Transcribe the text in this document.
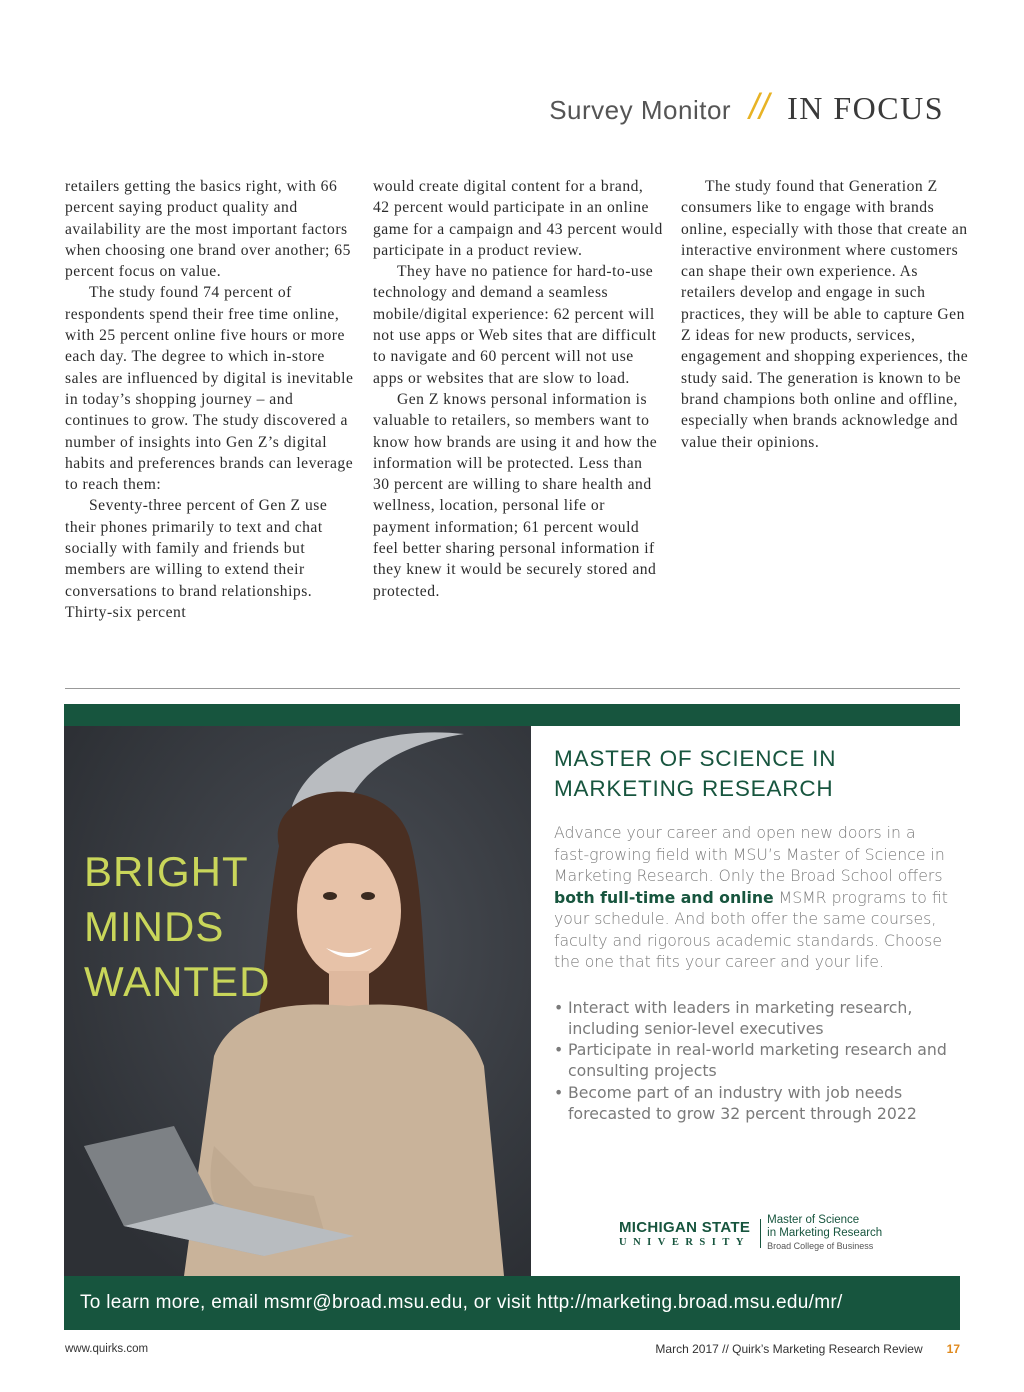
Survey Monitor // IN FOCUS

retailers getting the basics right, with 66 percent saying product quality and availability are the most important factors when choosing one brand over another; 65 percent focus on value.

The study found 74 percent of respondents spend their free time online, with 25 percent online five hours or more each day. The degree to which in-store sales are influenced by digital is inevitable in today’s shopping journey – and continues to grow. The study discovered a number of insights into Gen Z’s digital habits and preferences brands can leverage to reach them:

Seventy-three percent of Gen Z use their phones primarily to text and chat socially with family and friends but members are willing to extend their conversations to brand relationships. Thirty-six percent

would create digital content for a brand, 42 percent would participate in an online game for a campaign and 43 percent would participate in a product review.

They have no patience for hard-to-use technology and demand a seamless mobile/digital experience: 62 percent will not use apps or Web sites that are difficult to navigate and 60 percent will not use apps or websites that are slow to load.

Gen Z knows personal information is valuable to retailers, so members want to know how brands are using it and how the information will be protected. Less than 30 percent are willing to share health and wellness, location, personal life or payment information; 61 percent would feel better sharing personal information if they knew it would be securely stored and protected.

The study found that Generation Z consumers like to engage with brands online, especially with those that create an interactive environment where customers can shape their own experience. As retailers develop and engage in such practices, they will be able to capture Gen Z ideas for new products, services, engagement and shopping experiences, the study said. The generation is known to be brand champions both online and offline, especially when brands acknowledge and value their opinions.

BRIGHT
MINDS
WANTED
MASTER OF SCIENCE IN
MARKETING RESEARCH

Advance your career and open new doors in a fast-growing field with MSU’s Master of Science in Marketing Research. Only the Broad School offers both full-time and online MSMR programs to fit your schedule. And both offer the same courses, faculty and rigorous academic standards. Choose the one that fits your career and your life.

• Interact with leaders in marketing research, including senior-level executives
• Participate in real-world marketing research and consulting projects
• Become part of an industry with job needs forecasted to grow 32 percent through 2022
MICHIGAN STATE
UNIVERSITY
Master of Science
in Marketing Research
Broad College of Business
To learn more, email msmr@broad.msu.edu, or visit http://marketing.broad.msu.edu/mr/
www.quirks.com	March 2017 // Quirk’s Marketing Research Review 17
